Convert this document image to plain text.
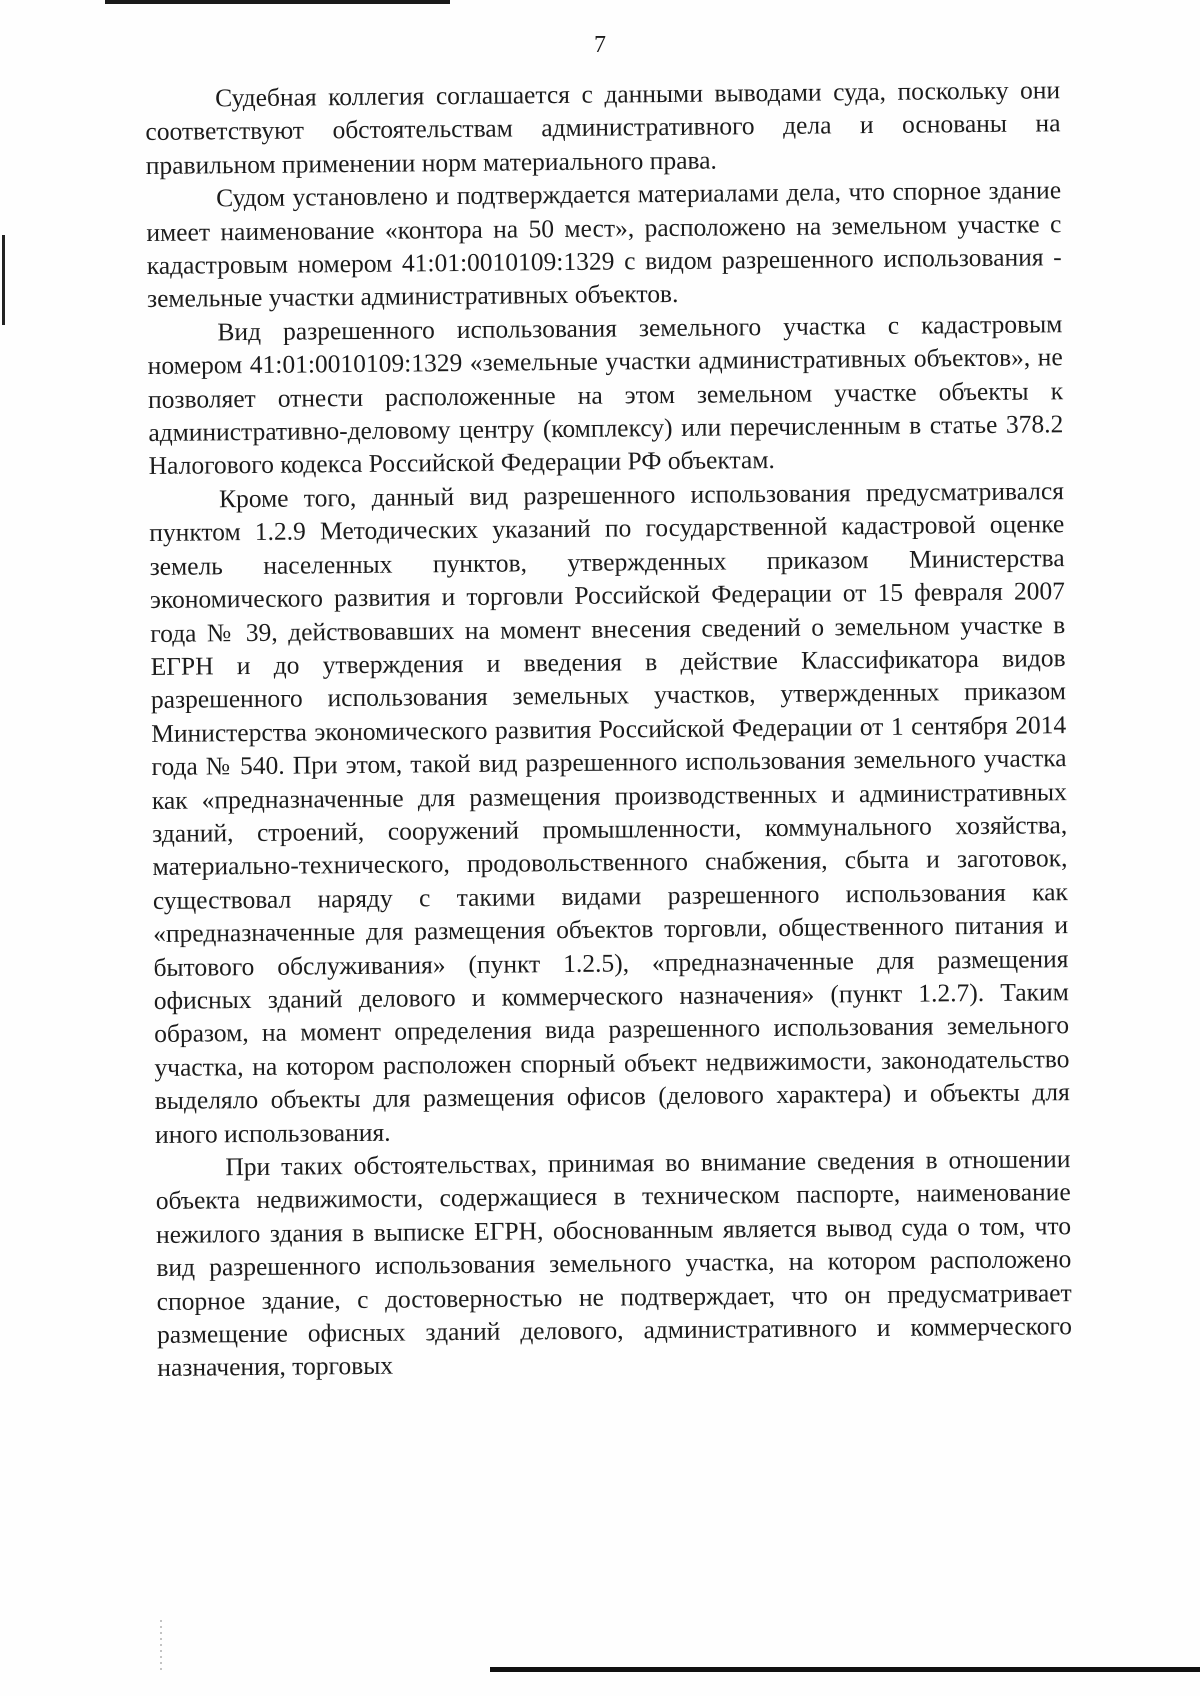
7

Судебная коллегия соглашается с данными выводами суда, поскольку они соответствуют обстоятельствам административного дела и основаны на правильном применении норм материального права.

Судом установлено и подтверждается материалами дела, что спорное здание имеет наименование «контора на 50 мест», расположено на земельном участке с кадастровым номером 41:01:0010109:1329 с видом разрешенного использования - земельные участки административных объектов.

Вид разрешенного использования земельного участка с кадастровым номером 41:01:0010109:1329 «земельные участки административных объектов», не позволяет отнести расположенные на этом земельном участке объекты к административно-деловому центру (комплексу) или перечисленным в статье 378.2 Налогового кодекса Российской Федерации РФ объектам.

Кроме того, данный вид разрешенного использования предусматривался пунктом 1.2.9 Методических указаний по государственной кадастровой оценке земель населенных пунктов, утвержденных приказом Министерства экономического развития и торговли Российской Федерации от 15 февраля 2007 года № 39, действовавших на момент внесения сведений о земельном участке в ЕГРН и до утверждения и введения в действие Классификатора видов разрешенного использования земельных участков, утвержденных приказом Министерства экономического развития Российской Федерации от 1 сентября 2014 года № 540. При этом, такой вид разрешенного использования земельного участка как «предназначенные для размещения производственных и административных зданий, строений, сооружений промышленности, коммунального хозяйства, материально-технического, продовольственного снабжения, сбыта и заготовок, существовал наряду с такими видами разрешенного использования как «предназначенные для размещения объектов торговли, общественного питания и бытового обслуживания» (пункт 1.2.5), «предназначенные для размещения офисных зданий делового и коммерческого назначения» (пункт 1.2.7). Таким образом, на момент определения вида разрешенного использования земельного участка, на котором расположен спорный объект недвижимости, законодательство выделяло объекты для размещения офисов (делового характера) и объекты для иного использования.

При таких обстоятельствах, принимая во внимание сведения в отношении объекта недвижимости, содержащиеся в техническом паспорте, наименование нежилого здания в выписке ЕГРН, обоснованным является вывод суда о том, что вид разрешенного использования земельного участка, на котором расположено спорное здание, с достоверностью не подтверждает, что он предусматривает размещение офисных зданий делового, административного и коммерческого назначения, торговых
